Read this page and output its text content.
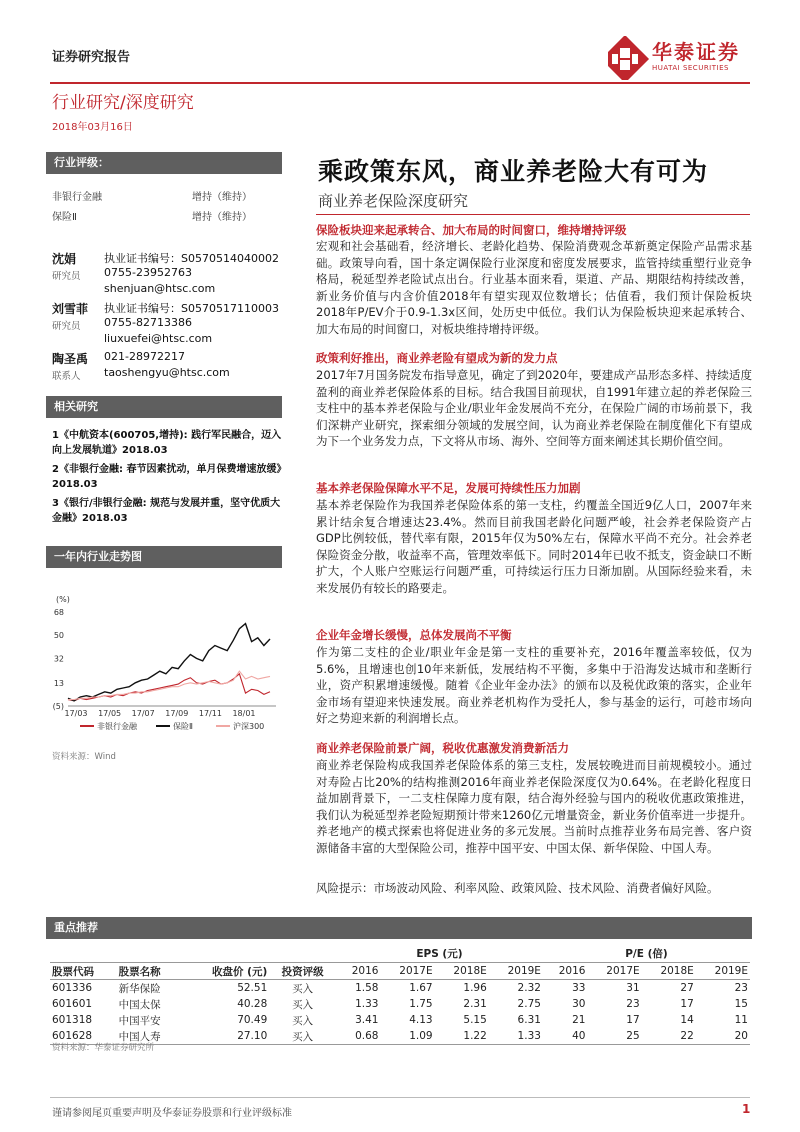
证券研究报告	华泰证券
HUATAI SECURITIES
行业研究/深度研究
2018年03月16日
行业评级：
非银行金融	增持（维持）
保险Ⅱ	增持（维持）
沈娟
研究员
执业证书编号：S0570514040002
0755-23952763
shenjuan@htsc.com
刘雪菲
研究员
执业证书编号：S0570517110003
0755-82713386
liuxuefei@htsc.com
陶圣禹
联系人
021-28972217
taoshengyu@htsc.com
相关研究
1《中航资本(600705,增持): 践行军民融合，迈入向上发展轨道》2018.03
2《非银行金融: 春节因素扰动，单月保费增速放缓》2018.03
3《银行/非银行金融: 规范与发展并重，坚守优质大金融》2018.03
一年内行业走势图
(%)
68
50
32
13
(5)
17/03 17/05 17/07 17/09 17/11 18/01
非银行金融	保险Ⅱ	沪深300
资料来源：Wind
乘政策东风，商业养老险大有可为
商业养老保险深度研究
保险板块迎来起承转合、加大布局的时间窗口，维持增持评级
宏观和社会基础看，经济增长、老龄化趋势、保险消费观念革新奠定保险产品需求基础。政策导向看，国十条定调保险行业深度和密度发展要求，监管持续重塑行业竞争格局，税延型养老险试点出台。行业基本面来看，渠道、产品、期限结构持续改善，新业务价值与内含价值2018年有望实现双位数增长；估值看，我们预计保险板块2018年P/EV介于0.9-1.3x区间，处历史中低位。我们认为保险板块迎来起承转合、加大布局的时间窗口，对板块维持增持评级。
政策利好推出，商业养老险有望成为新的发力点
2017年7月国务院发布指导意见，确定了到2020年，要建成产品形态多样、持续适度盈利的商业养老保险体系的目标。结合我国目前现状，自1991年建立起的养老保险三支柱中的基本养老保险与企业/职业年金发展尚不充分，在保险广阔的市场前景下，我们深耕产业研究，探索细分领域的发展空间，认为商业养老保险在制度催化下有望成为下一个业务发力点，下文将从市场、海外、空间等方面来阐述其长期价值空间。
基本养老保险保障水平不足，发展可持续性压力加剧
基本养老保险作为我国养老保险体系的第一支柱，约覆盖全国近9亿人口，2007年来累计结余复合增速达23.4%。然而目前我国老龄化问题严峻，社会养老保险资产占GDP比例较低，替代率有限，2015年仅为50%左右，保障水平尚不充分。社会养老保险资金分散，收益率不高，管理效率低下。同时2014年已收不抵支，资金缺口不断扩大，个人账户空账运行问题严重，可持续运行压力日渐加剧。从国际经验来看，未来发展仍有较长的路要走。
企业年金增长缓慢，总体发展尚不平衡
作为第二支柱的企业/职业年金是第一支柱的重要补充，2016年覆盖率较低，仅为5.6%，且增速也创10年来新低，发展结构不平衡，多集中于沿海发达城市和垄断行业，资产积累增速缓慢。随着《企业年金办法》的颁布以及税优政策的落实，企业年金市场有望迎来快速发展。商业养老机构作为受托人，参与基金的运行，可趁市场向好之势迎来新的利润增长点。
商业养老保险前景广阔，税收优惠激发消费新活力
商业养老保险构成我国养老保险体系的第三支柱，发展较晚进而目前规模较小。通过对寿险占比20%的结构推测2016年商业养老保险深度仅为0.64%。在老龄化程度日益加剧背景下，一二支柱保障力度有限，结合海外经验与国内的税收优惠政策推进，我们认为税延型养老险短期预计带来1260亿元增量资金，新业务价值率进一步提升。养老地产的模式探索也将促进业务的多元发展。当前时点推荐业务布局完善、客户资源储备丰富的大型保险公司，推荐中国平安、中国太保、新华保险、中国人寿。
风险提示：市场波动风险、利率风险、政策风险、技术风险、消费者偏好风险。
重点推荐
				EPS (元)				P/E (倍)			
股票代码	股票名称	收盘价 (元)	投资评级	2016	2017E	2018E	2019E	2016	2017E	2018E	2019E
601336	新华保险	52.51	买入	1.58	1.67	1.96	2.32	33	31	27	23
601601	中国太保	40.28	买入	1.33	1.75	2.31	2.75	30	23	17	15
601318	中国平安	70.49	买入	3.41	4.13	5.15	6.31	21	17	14	11
601628	中国人寿	27.10	买入	0.68	1.09	1.22	1.33	40	25	22	20
资料来源：华泰证券研究所
谨请参阅尾页重要声明及华泰证券股票和行业评级标准	1
